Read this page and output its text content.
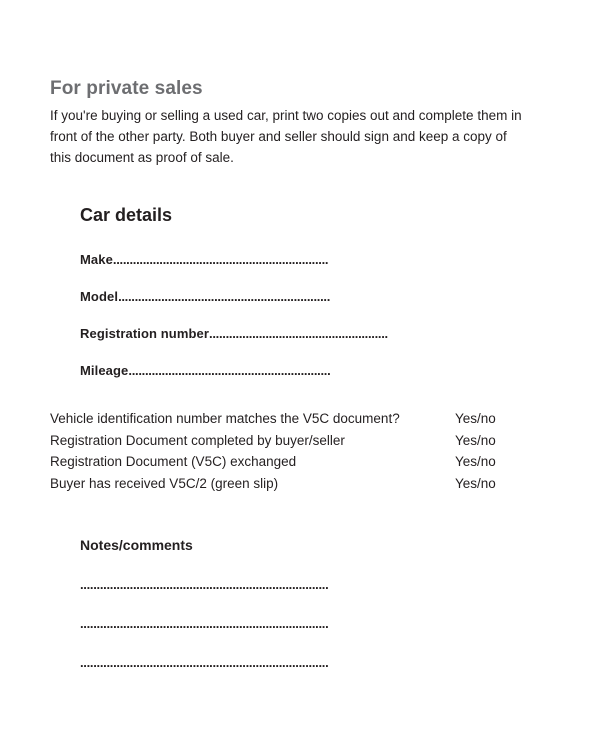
For private sales

If you're buying or selling a used car, print two copies out and complete them in front of the other party. Both buyer and seller should sign and keep a copy of this document as proof of sale.

Car details
Make.................................................................
Model................................................................
Registration number......................................................
Mileage.............................................................
Vehicle identification number matches the V5C document?	Yes/no
Registration Document completed by buyer/seller	Yes/no
Registration Document (V5C) exchanged	Yes/no
Buyer has received V5C/2 (green slip)	Yes/no
Notes/comments
...........................................................................
...........................................................................
...........................................................................
